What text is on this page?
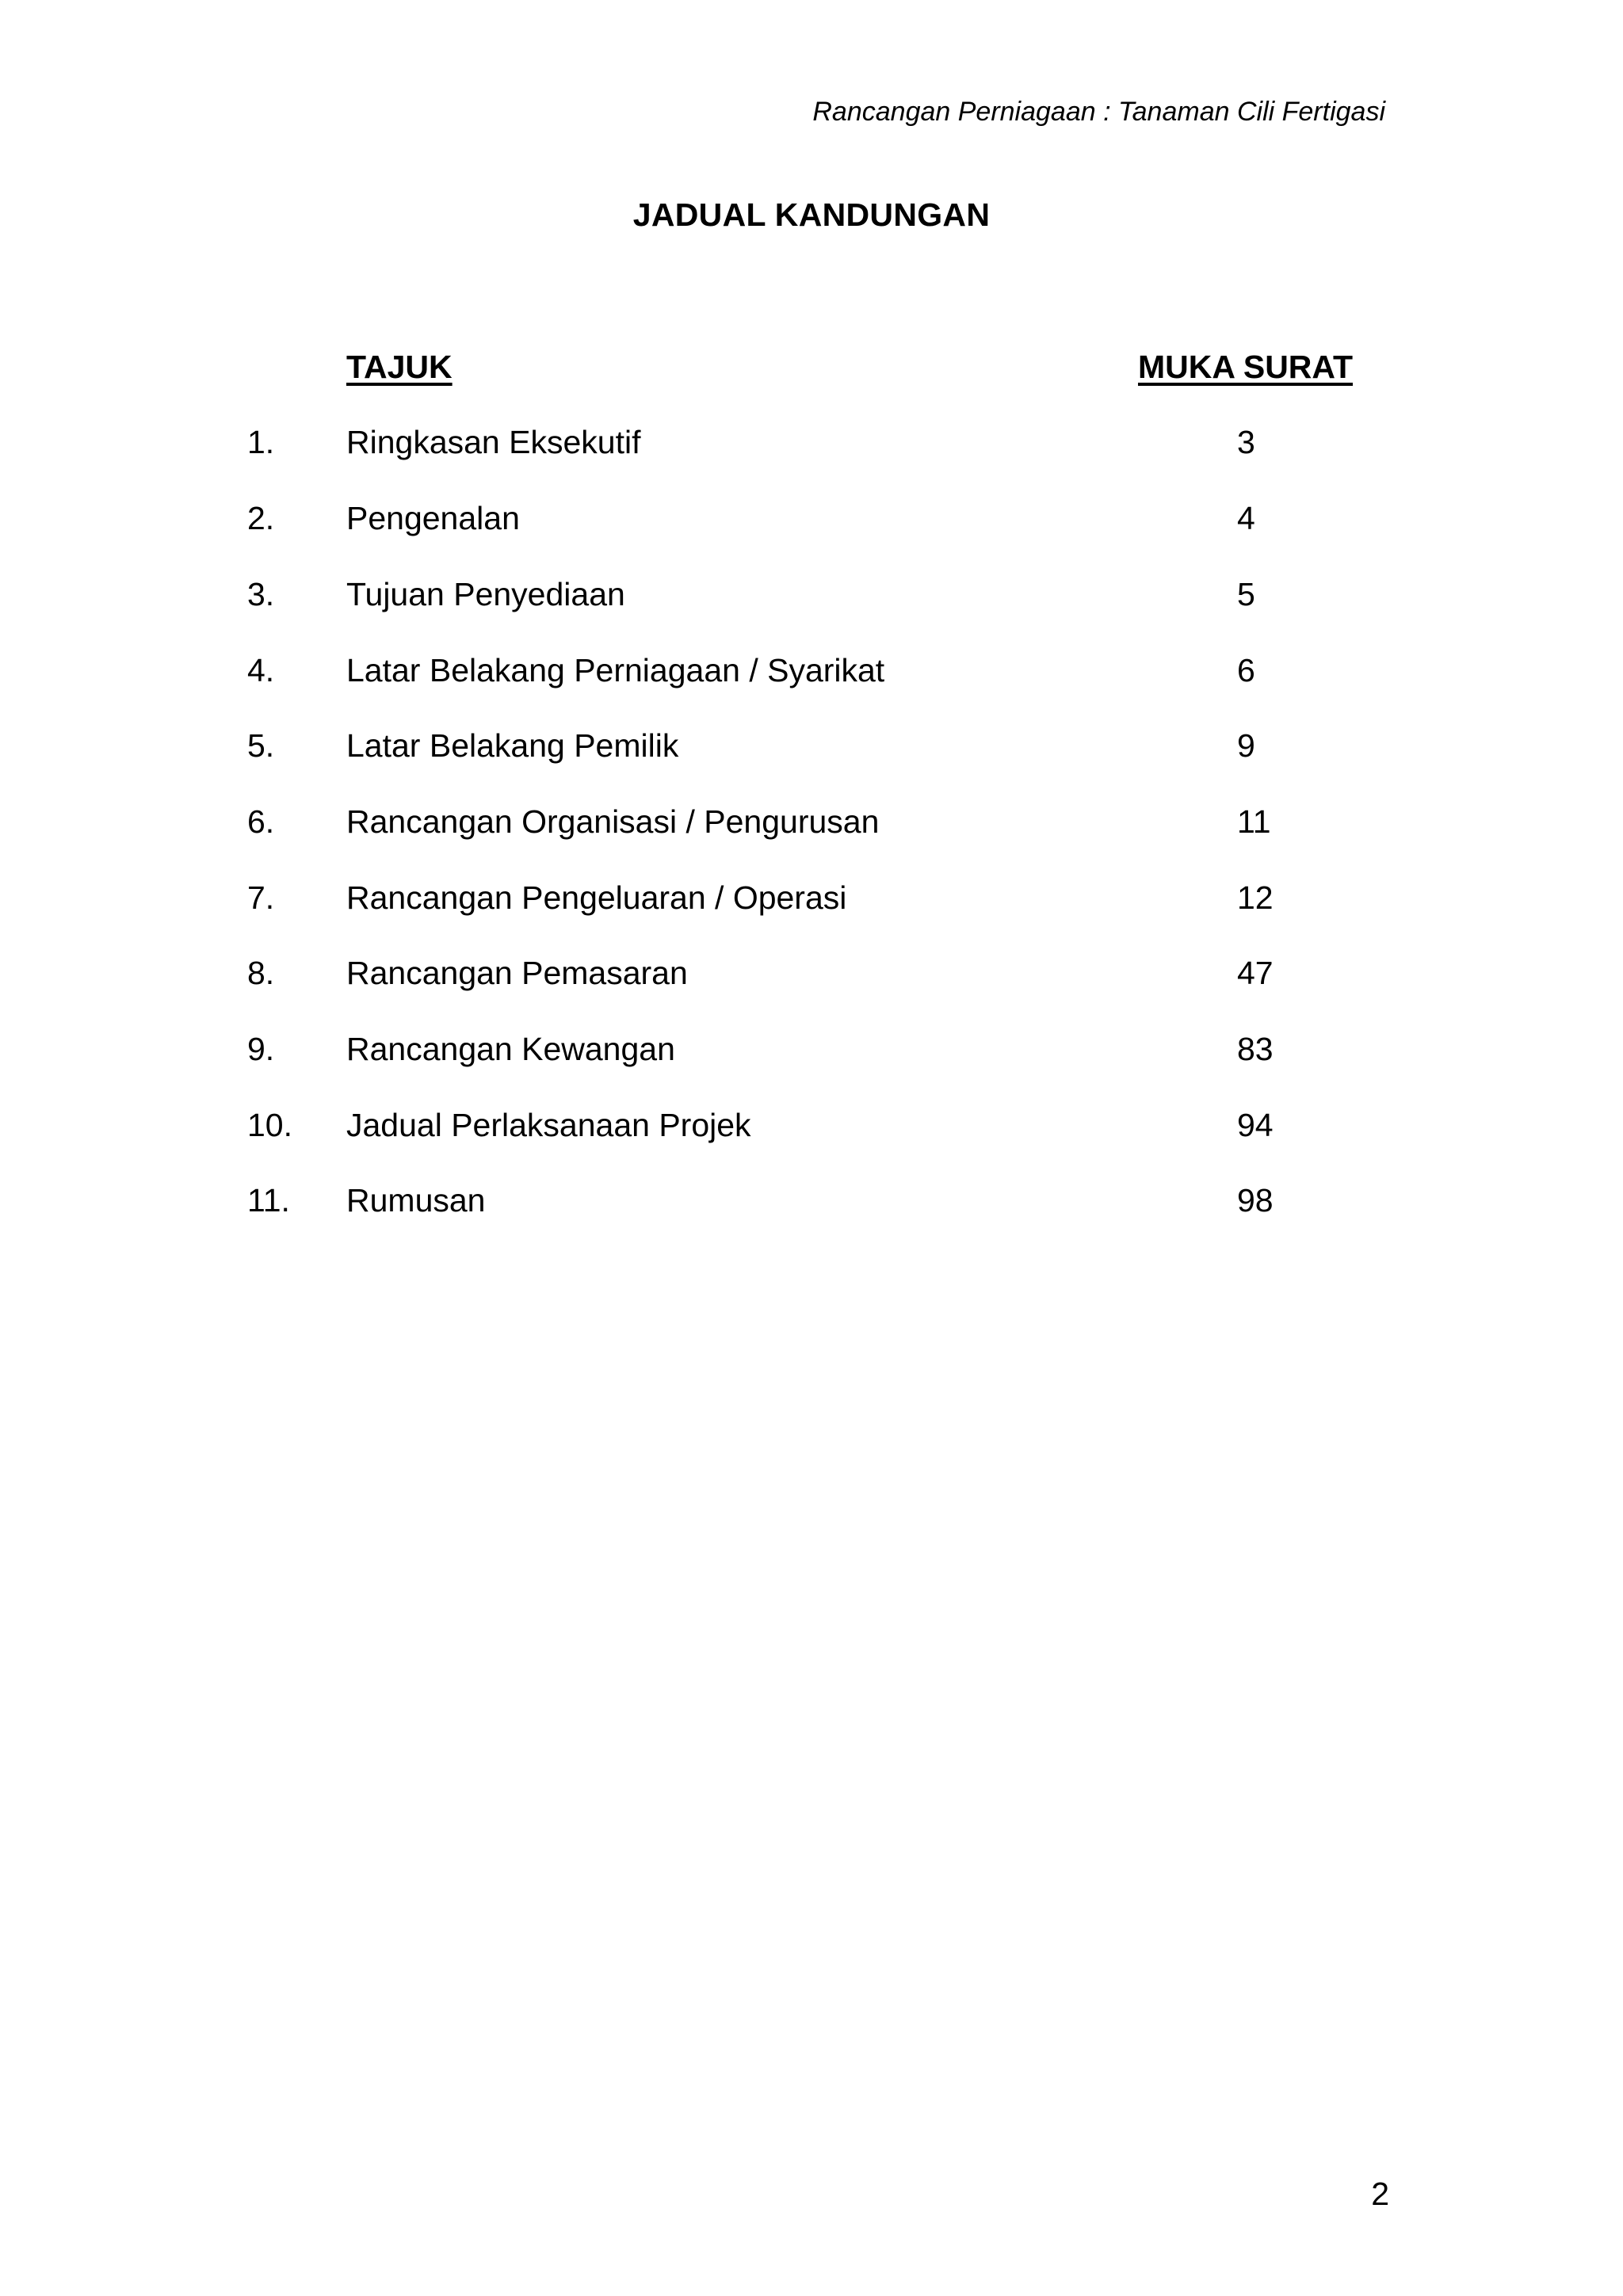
Rancangan Perniagaan : Tanaman Cili Fertigasi
JADUAL KANDUNGAN
TAJUK	MUKA SURAT
1. Ringkasan Eksekutif	3
2. Pengenalan	4
3. Tujuan Penyediaan	5
4. Latar Belakang Perniagaan / Syarikat	6
5. Latar Belakang Pemilik	9
6. Rancangan Organisasi / Pengurusan	11
7. Rancangan Pengeluaran / Operasi	12
8. Rancangan Pemasaran	47
9. Rancangan Kewangan	83
10. Jadual Perlaksanaan Projek	94
11. Rumusan	98
2
